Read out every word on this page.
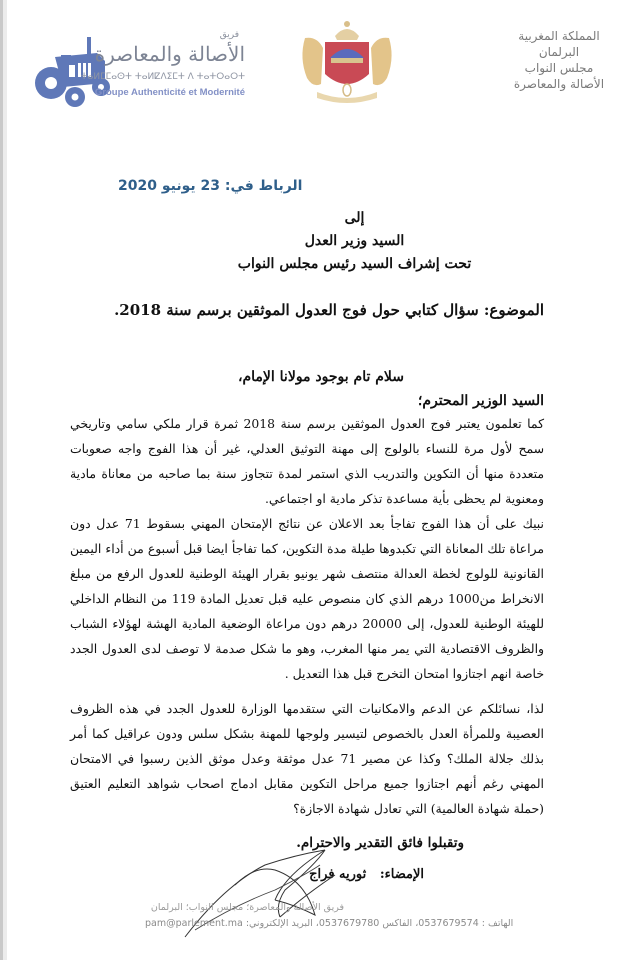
فريق
الأصالة والمعاصرة
ⵜⴰⵍⵎⵎⴰⵙⵜ ⵜⴰⵍⵇⴷⵉⵎⵜ ⴷ ⵜⴰⵜⵔⴰⵔⵜ
Groupe Authenticité et Modernité
المملكة المغربية
البرلمان
مجلس النواب
الأصالة والمعاصرة
الرباط في: 23 يونيو 2020
إلى
السيد وزير العدل
تحت إشراف السيد رئيس مجلس النواب
الموضوع: سؤال كتابي حول فوج العدول الموثقين برسم سنة 2018.
سلام تام بوجود مولانا الإمام،
السيد الوزير المحترم؛
كما تعلمون يعتبر فوج العدول الموثقين برسم سنة 2018 ثمرة قرار ملكي سامي وتاريخي سمح لأول مرة للنساء بالولوج إلى مهنة التوثيق العدلي، غير أن هذا الفوج واجه صعوبات متعددة منها أن التكوين والتدريب الذي استمر لمدة تتجاوز سنة بما صاحبه من معاناة مادية ومعنوية لم يحظى بأية مساعدة تذكر مادية او اجتماعي.
نبيك على أن هذا الفوج تفاجأ بعد الاعلان عن نتائج الإمتحان المهني بسقوط 71 عدل دون مراعاة تلك المعاناة التي تكبدوها طيلة مدة التكوين، كما تفاجأ ايضا قبل أسبوع من أداء اليمين القانونية للولوج لخطة العدالة منتصف شهر يونيو بقرار الهيئة الوطنية للعدول الرفع من مبلغ الانخراط من1000 درهم الذي كان منصوص عليه قبل تعديل المادة 119 من النظام الداخلي للهيئة الوطنية للعدول، إلى 20000 درهم دون مراعاة الوضعية المادية الهشة لهؤلاء الشباب والظروف الاقتصادية التي يمر منها المغرب، وهو ما شكل صدمة لا توصف لدى العدول الجدد خاصة انهم اجتازوا امتحان التخرج قبل هذا التعديل .
لذا، نسائلكم عن الدعم والامكانيات التي ستقدمها الوزارة للعدول الجدد في هذه الظروف العصيبة وللمرأة العدل بالخصوص لتيسير ولوجها للمهنة بشكل سلس ودون عراقيل كما أمر بذلك جلالة الملك؟ وكذا عن مصير 71 عدل موثقة وعدل موثق الذين رسبوا في الامتحان المهني رغم أنهم اجتازوا جميع مراحل التكوين مقابل ادماج اصحاب شواهد التعليم العتيق (حملة شهادة العالمية) التي تعادل شهادة الاجازة؟
وتقبلوا فائق التقدير والاحترام.
الإمضاء:   ثوريه فراج
فريق الأصالة والمعاصرة؛ مجلس النواب؛ البرلمان
الهاتف : 0537679574، الفاكس 0537679780، البريد الإلكتروني: pam@parlement.ma
